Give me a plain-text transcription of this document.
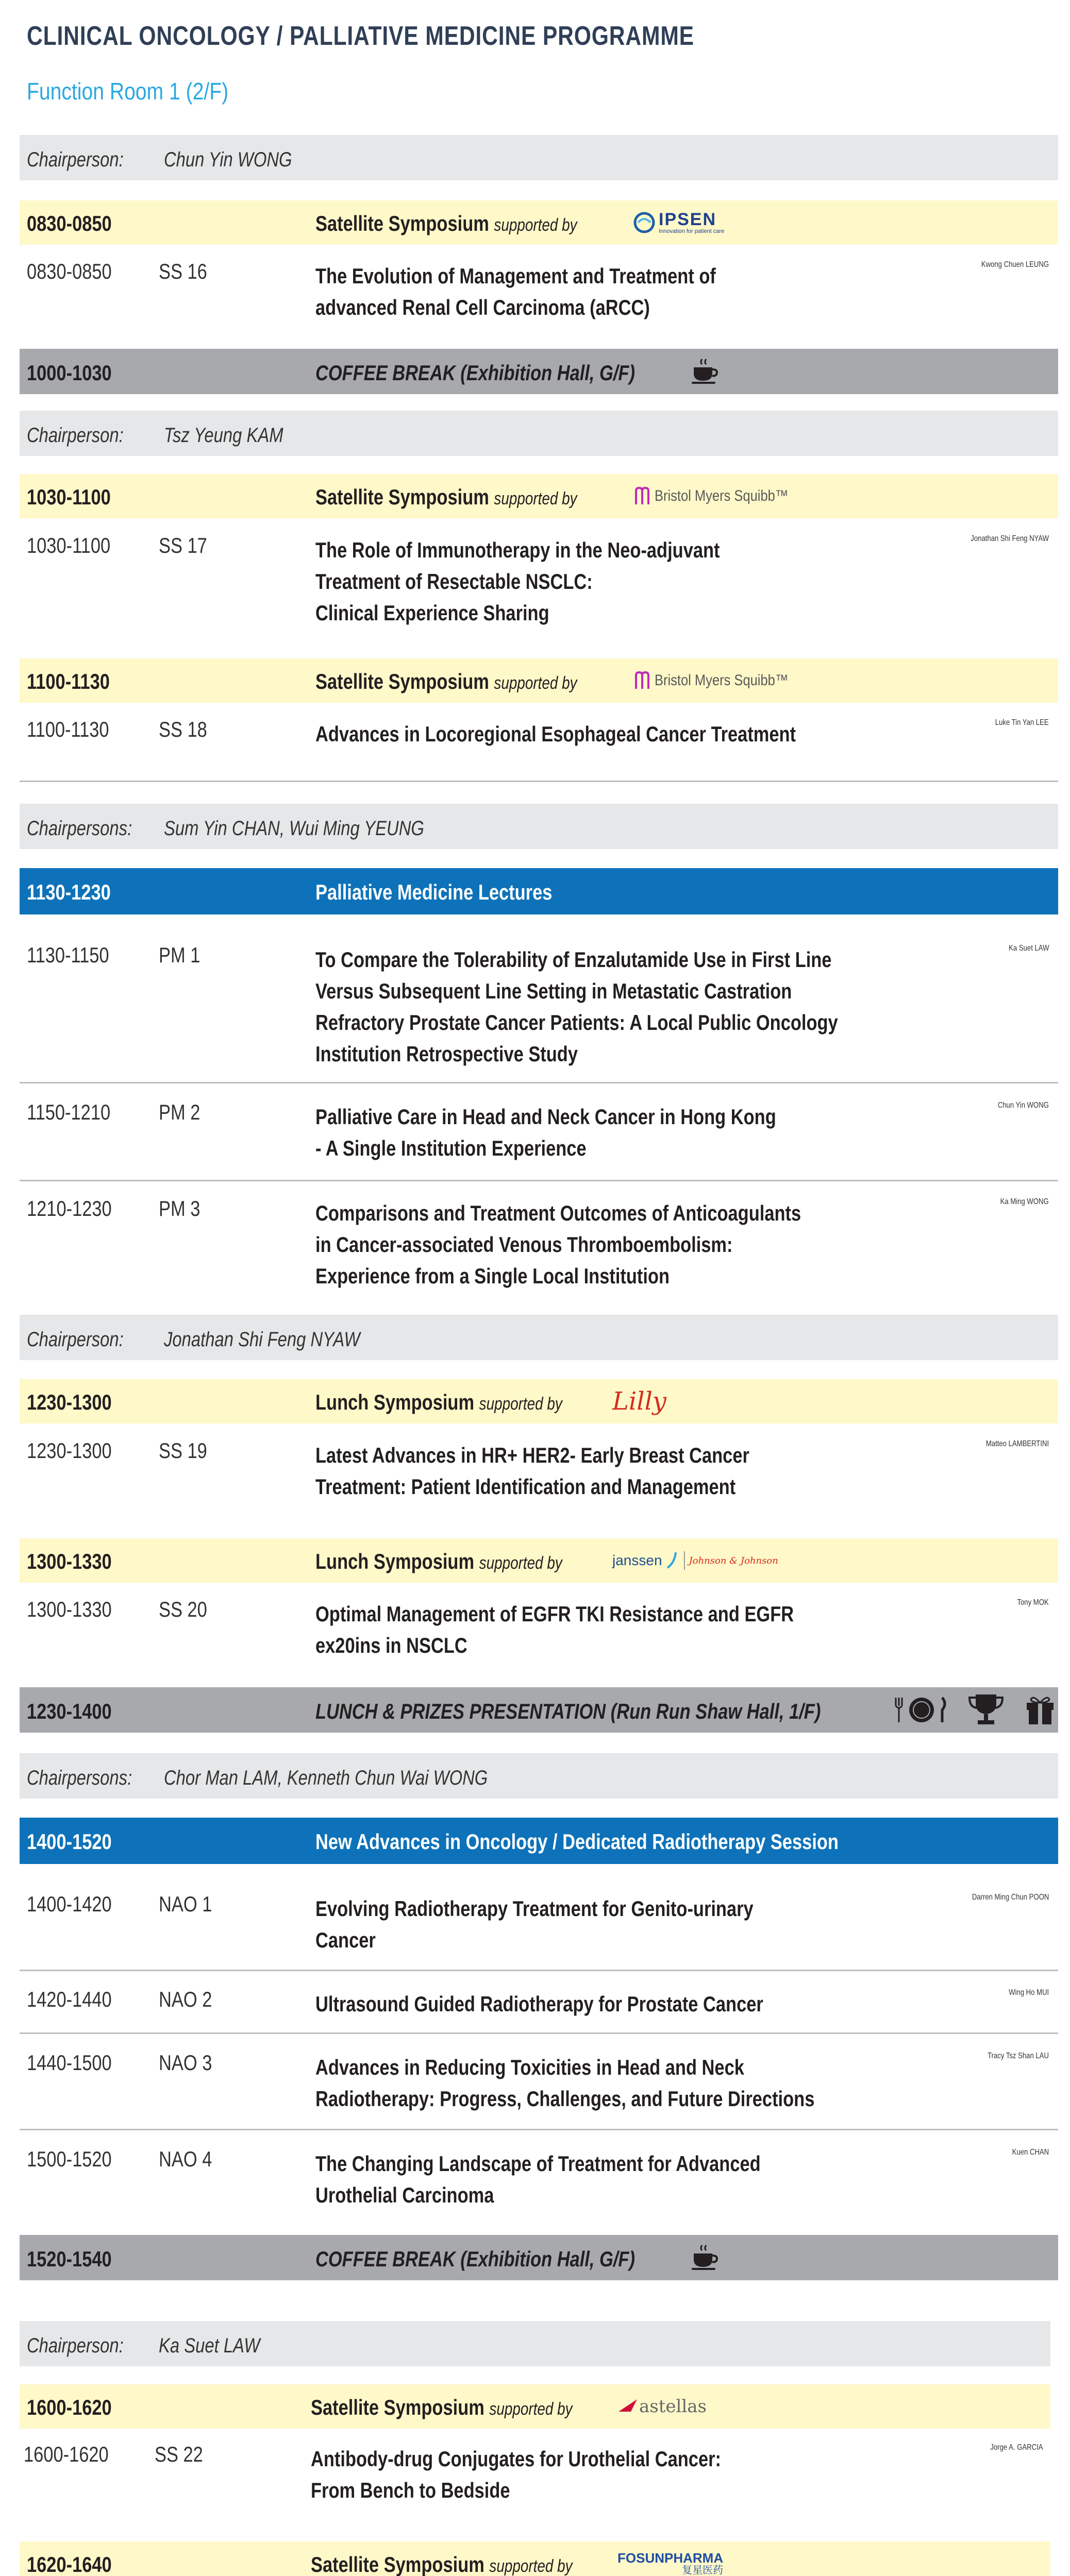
CLINICAL ONCOLOGY / PALLIATIVE MEDICINE PROGRAMME
Function Room 1 (2/F)
Chairperson: Chun Yin WONG
0830-0850	Satellite Symposium supported by	IPSEN
Innovation for patient care
0830-0850 SS 16	The Evolution of Management and Treatment of
advanced Renal Cell Carcinoma (aRCC)
Kwong Chuen LEUNG
1000-1030	COFFEE BREAK (Exhibition Hall, G/F)
Chairperson: Tsz Yeung KAM
1030-1100	Satellite Symposium supported by	Bristol Myers Squibb™
1030-1100 SS 17	The Role of Immunotherapy in the Neo-adjuvant
Treatment of Resectable NSCLC:
Clinical Experience Sharing
Jonathan Shi Feng NYAW
1100-1130	Satellite Symposium supported by	Bristol Myers Squibb™
1100-1130 SS 18	Advances in Locoregional Esophageal Cancer Treatment	Luke Tin Yan LEE
Chairpersons: Sum Yin CHAN, Wui Ming YEUNG
1130-1230	Palliative Medicine Lectures
1130-1150 PM 1	To Compare the Tolerability of Enzalutamide Use in First Line
Versus Subsequent Line Setting in Metastatic Castration
Refractory Prostate Cancer Patients: A Local Public Oncology
Institution Retrospective Study
Ka Suet LAW
1150-1210 PM 2	Palliative Care in Head and Neck Cancer in Hong Kong
- A Single Institution Experience
Chun Yin WONG
1210-1230 PM 3	Comparisons and Treatment Outcomes of Anticoagulants
in Cancer-associated Venous Thromboembolism:
Experience from a Single Local Institution
Ka Ming WONG
Chairperson: Jonathan Shi Feng NYAW
1230-1300	Lunch Symposium supported by Lilly
1230-1300 SS 19	Latest Advances in HR+ HER2- Early Breast Cancer
Treatment: Patient Identification and Management
Matteo LAMBERTINI
1300-1330	Lunch Symposium supported by	janssen	Johnson & Johnson
1300-1330 SS 20	Optimal Management of EGFR TKI Resistance and EGFR
ex20ins in NSCLC
Tony MOK
1230-1400	LUNCH & PRIZES PRESENTATION (Run Run Shaw Hall, 1/F)
Chairpersons: Chor Man LAM, Kenneth Chun Wai WONG
1400-1520	New Advances in Oncology / Dedicated Radiotherapy Session
1400-1420 NAO 1	Evolving Radiotherapy Treatment for Genito-urinary
Cancer
Darren Ming Chun POON
1420-1440 NAO 2	Ultrasound Guided Radiotherapy for Prostate Cancer	Wing Ho MUI
1440-1500 NAO 3	Advances in Reducing Toxicities in Head and Neck
Radiotherapy: Progress, Challenges, and Future Directions
Tracy Tsz Shan LAU
1500-1520 NAO 4	The Changing Landscape of Treatment for Advanced
Urothelial Carcinoma
Kuen CHAN
1520-1540	COFFEE BREAK (Exhibition Hall, G/F)
Chairperson: Ka Suet LAW
1600-1620	Satellite Symposium supported by	astellas
1600-1620 SS 22	Antibody-drug Conjugates for Urothelial Cancer:
From Bench to Bedside
Jorge A. GARCIA
1620-1640	Satellite Symposium supported by	FOSUNPHARMA
复星医药
